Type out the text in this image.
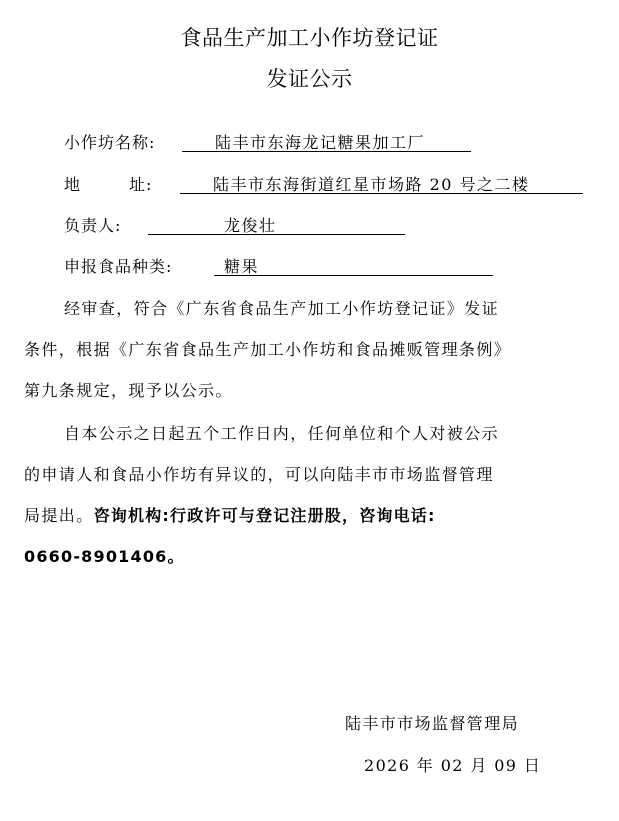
食品生产加工小作坊登记证
发证公示
小作坊名称:	陆丰市东海龙记糖果加工厂
地	址:	陆丰市东海街道红星市场路 20 号之二楼
负责人:	龙俊壮
申报食品种类:	糖果
经审查，符合《广东省食品生产加工小作坊登记证》发证
条件，根据《广东省食品生产加工小作坊和食品摊贩管理条例》
第九条规定，现予以公示。
自本公示之日起五个工作日内，任何单位和个人对被公示
的申请人和食品小作坊有异议的，可以向陆丰市市场监督管理
局提出。咨询机构:行政许可与登记注册股，咨询电话:
0660-8901406。
陆丰市市场监督管理局
2026 年 02 月 09 日
